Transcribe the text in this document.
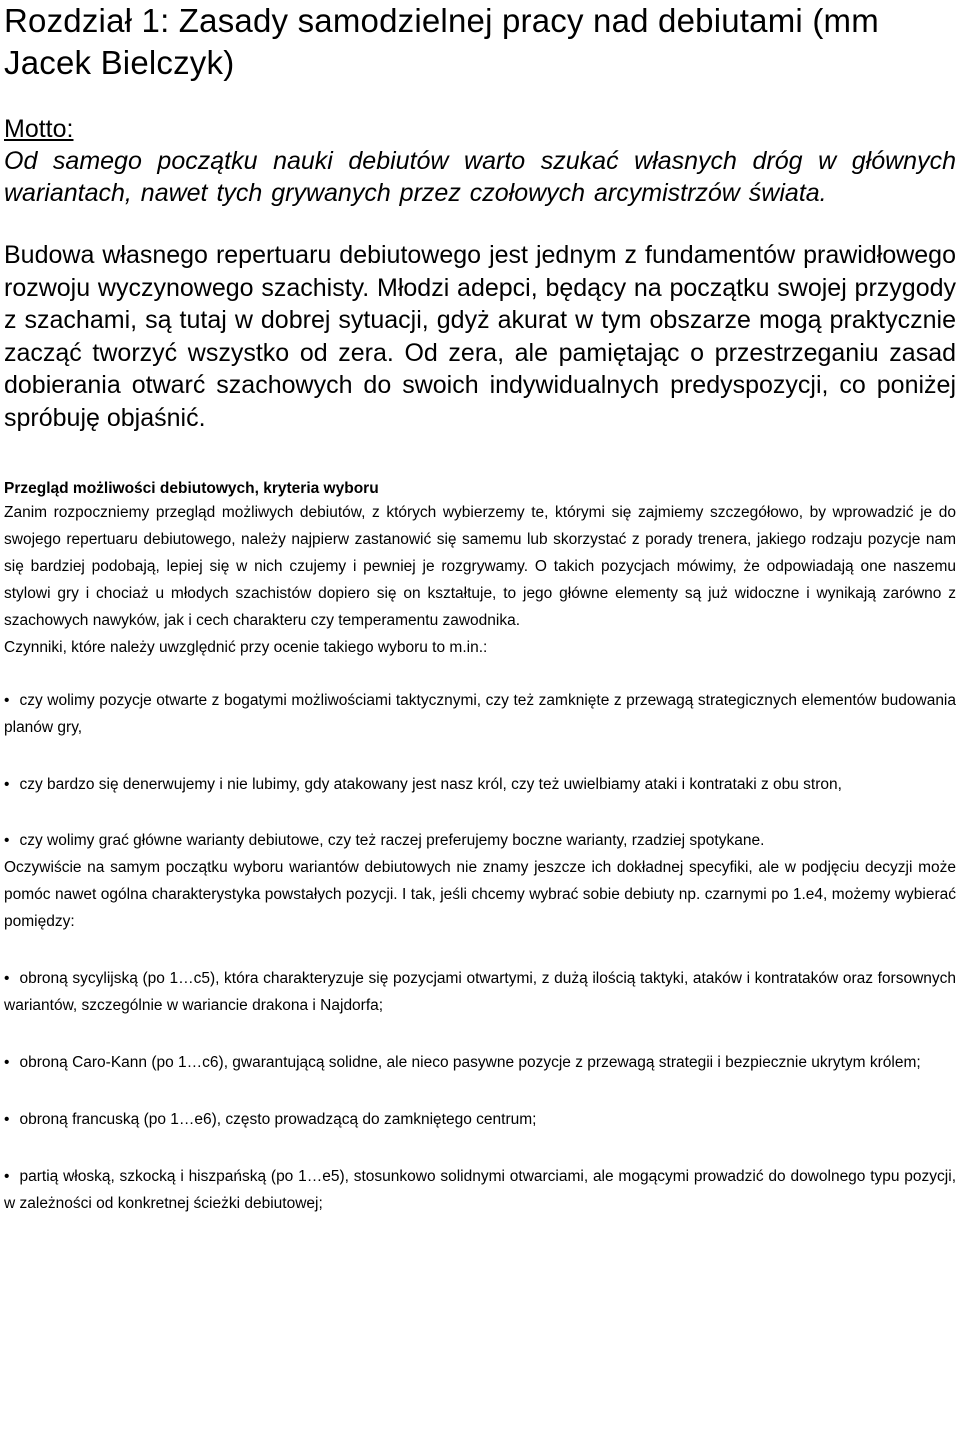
Rozdział 1: Zasady samodzielnej pracy nad debiutami (mm Jacek Bielczyk)
Motto:

Od samego początku nauki debiutów warto szukać własnych dróg w głównych wariantach, nawet tych grywanych przez czołowych arcymistrzów świata.

Budowa własnego repertuaru debiutowego jest jednym z fundamentów prawidłowego rozwoju wyczynowego szachisty. Młodzi adepci, będący na początku swojej przygody z szachami, są tutaj w dobrej sytuacji, gdyż akurat w tym obszarze mogą praktycznie zacząć tworzyć wszystko od zera. Od zera, ale pamiętając o przestrzeganiu zasad dobierania otwarć szachowych do swoich indywidualnych predyspozycji, co poniżej spróbuję objaśnić.

Przegląd możliwości debiutowych, kryteria wyboru

Zanim rozpoczniemy przegląd możliwych debiutów, z których wybierzemy te, którymi się zajmiemy szczegółowo, by wprowadzić je do swojego repertuaru debiutowego, należy najpierw zastanowić się samemu lub skorzystać z porady trenera, jakiego rodzaju pozycje nam się bardziej podobają, lepiej się w nich czujemy i pewniej je rozgrywamy. O takich pozycjach mówimy, że odpowiadają one naszemu stylowi gry i chociaż u młodych szachistów dopiero się on kształtuje, to jego główne elementy są już widoczne i wynikają zarówno z szachowych nawyków, jak i cech charakteru czy temperamentu zawodnika.

Czynniki, które należy uwzględnić przy ocenie takiego wyboru to m.in.:

• czy wolimy pozycje otwarte z bogatymi możliwościami taktycznymi, czy też zamknięte z przewagą strategicznych elementów budowania planów gry,

• czy bardzo się denerwujemy i nie lubimy, gdy atakowany jest nasz król, czy też uwielbiamy ataki i kontrataki z obu stron,

• czy wolimy grać główne warianty debiutowe, czy też raczej preferujemy boczne warianty, rzadziej spotykane.

Oczywiście na samym początku wyboru wariantów debiutowych nie znamy jeszcze ich dokładnej specyfiki, ale w podjęciu decyzji może pomóc nawet ogólna charakterystyka powstałych pozycji. I tak, jeśli chcemy wybrać sobie debiuty np. czarnymi po 1.e4, możemy wybierać pomiędzy:

• obroną sycylijską (po 1…c5), która charakteryzuje się pozycjami otwartymi, z dużą ilością taktyki, ataków i kontrataków oraz forsownych wariantów, szczególnie w wariancie drakona i Najdorfa;

• obroną Caro-Kann (po 1…c6), gwarantującą solidne, ale nieco pasywne pozycje z przewagą strategii i bezpiecznie ukrytym królem;

• obroną francuską (po 1…e6), często prowadzącą do zamkniętego centrum;

• partią włoską, szkocką i hiszpańską (po 1…e5), stosunkowo solidnymi otwarciami, ale mogącymi prowadzić do dowolnego typu pozycji, w zależności od konkretnej ścieżki debiutowej;
